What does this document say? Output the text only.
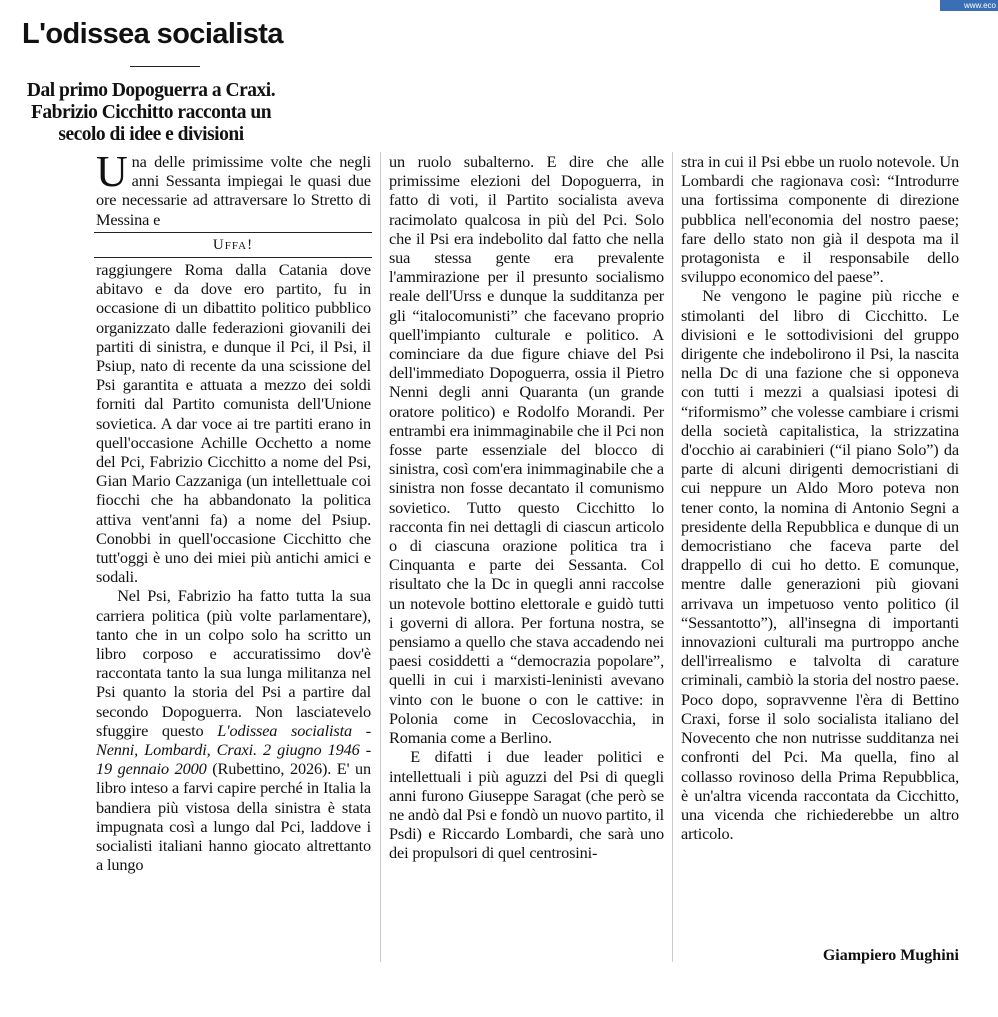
www.eco
L'odissea socialista
Dal primo Dopoguerra a Craxi. Fabrizio Cicchitto racconta un secolo di idee e divisioni

Una delle primissime volte che negli anni Sessanta impiegai le quasi due ore necessarie ad attraversare lo Stretto di Messina e

Uffa!

raggiungere Roma dalla Catania dove abitavo e da dove ero partito, fu in occasione di un dibattito politico pubblico organizzato dalle federazioni giovanili dei partiti di sinistra, e dunque il Pci, il Psi, il Psiup, nato di recente da una scissione del Psi garantita e attuata a mezzo dei soldi forniti dal Partito comunista dell'Unione sovietica. A dar voce ai tre partiti erano in quell'occasione Achille Occhetto a nome del Pci, Fabrizio Cicchitto a nome del Psi, Gian Mario Cazzaniga (un intellettuale coi fiocchi che ha abbandonato la politica attiva vent'anni fa) a nome del Psiup. Conobbi in quell'occasione Cicchitto che tutt'oggi è uno dei miei più antichi amici e sodali.

Nel Psi, Fabrizio ha fatto tutta la sua carriera politica (più volte parlamentare), tanto che in un colpo solo ha scritto un libro corposo e accuratissimo dov'è raccontata tanto la sua lunga militanza nel Psi quanto la storia del Psi a partire dal secondo Dopoguerra. Non lasciatevelo sfuggire questo L'odissea socialista - Nenni, Lombardi, Craxi. 2 giugno 1946 - 19 gennaio 2000 (Rubettino, 2026). E' un libro inteso a farvi capire perché in Italia la bandiera più vistosa della sinistra è stata impugnata così a lungo dal Pci, laddove i socialisti italiani hanno giocato altrettanto a lungo

un ruolo subalterno. E dire che alle primissime elezioni del Dopoguerra, in fatto di voti, il Partito socialista aveva racimolato qualcosa in più del Pci. Solo che il Psi era indebolito dal fatto che nella sua stessa gente era prevalente l'ammirazione per il presunto socialismo reale dell'Urss e dunque la sudditanza per gli “italocomunisti” che facevano proprio quell'impianto culturale e politico. A cominciare da due figure chiave del Psi dell'immediato Dopoguerra, ossia il Pietro Nenni degli anni Quaranta (un grande oratore politico) e Rodolfo Morandi. Per entrambi era inimmaginabile che il Pci non fosse parte essenziale del blocco di sinistra, così com'era inimmaginabile che a sinistra non fosse decantato il comunismo sovietico. Tutto questo Cicchitto lo racconta fin nei dettagli di ciascun articolo o di ciascuna orazione politica tra i Cinquanta e parte dei Sessanta. Col risultato che la Dc in quegli anni raccolse un notevole bottino elettorale e guidò tutti i governi di allora. Per fortuna nostra, se pensiamo a quello che stava accadendo nei paesi cosiddetti a “democrazia popolare”, quelli in cui i marxisti-leninisti avevano vinto con le buone o con le cattive: in Polonia come in Cecoslovacchia, in Romania come a Berlino.

E difatti i due leader politici e intellettuali i più aguzzi del Psi di quegli anni furono Giuseppe Saragat (che però se ne andò dal Psi e fondò un nuovo partito, il Psdi) e Riccardo Lombardi, che sarà uno dei propulsori di quel centrosini-

stra in cui il Psi ebbe un ruolo notevole. Un Lombardi che ragionava così: “Introdurre una fortissima componente di direzione pubblica nell'economia del nostro paese; fare dello stato non già il despota ma il protagonista e il responsabile dello sviluppo economico del paese”.

Ne vengono le pagine più ricche e stimolanti del libro di Cicchitto. Le divisioni e le sottodivisioni del gruppo dirigente che indebolirono il Psi, la nascita nella Dc di una fazione che si opponeva con tutti i mezzi a qualsiasi ipotesi di “riformismo” che volesse cambiare i crismi della società capitalistica, la strizzatina d'occhio ai carabinieri (“il piano Solo”) da parte di alcuni dirigenti democristiani di cui neppure un Aldo Moro poteva non tener conto, la nomina di Antonio Segni a presidente della Repubblica e dunque di un democristiano che faceva parte del drappello di cui ho detto. E comunque, mentre dalle generazioni più giovani arrivava un impetuoso vento politico (il “Sessantotto”), all'insegna di importanti innovazioni culturali ma purtroppo anche dell'irrealismo e talvolta di carature criminali, cambiò la storia del nostro paese. Poco dopo, sopravvenne l'èra di Bettino Craxi, forse il solo socialista italiano del Novecento che non nutrisse sudditanza nei confronti del Pci. Ma quella, fino al collasso rovinoso della Prima Repubblica, è un'altra vicenda raccontata da Cicchitto, una vicenda che richiederebbe un altro articolo.

Giampiero Mughini
